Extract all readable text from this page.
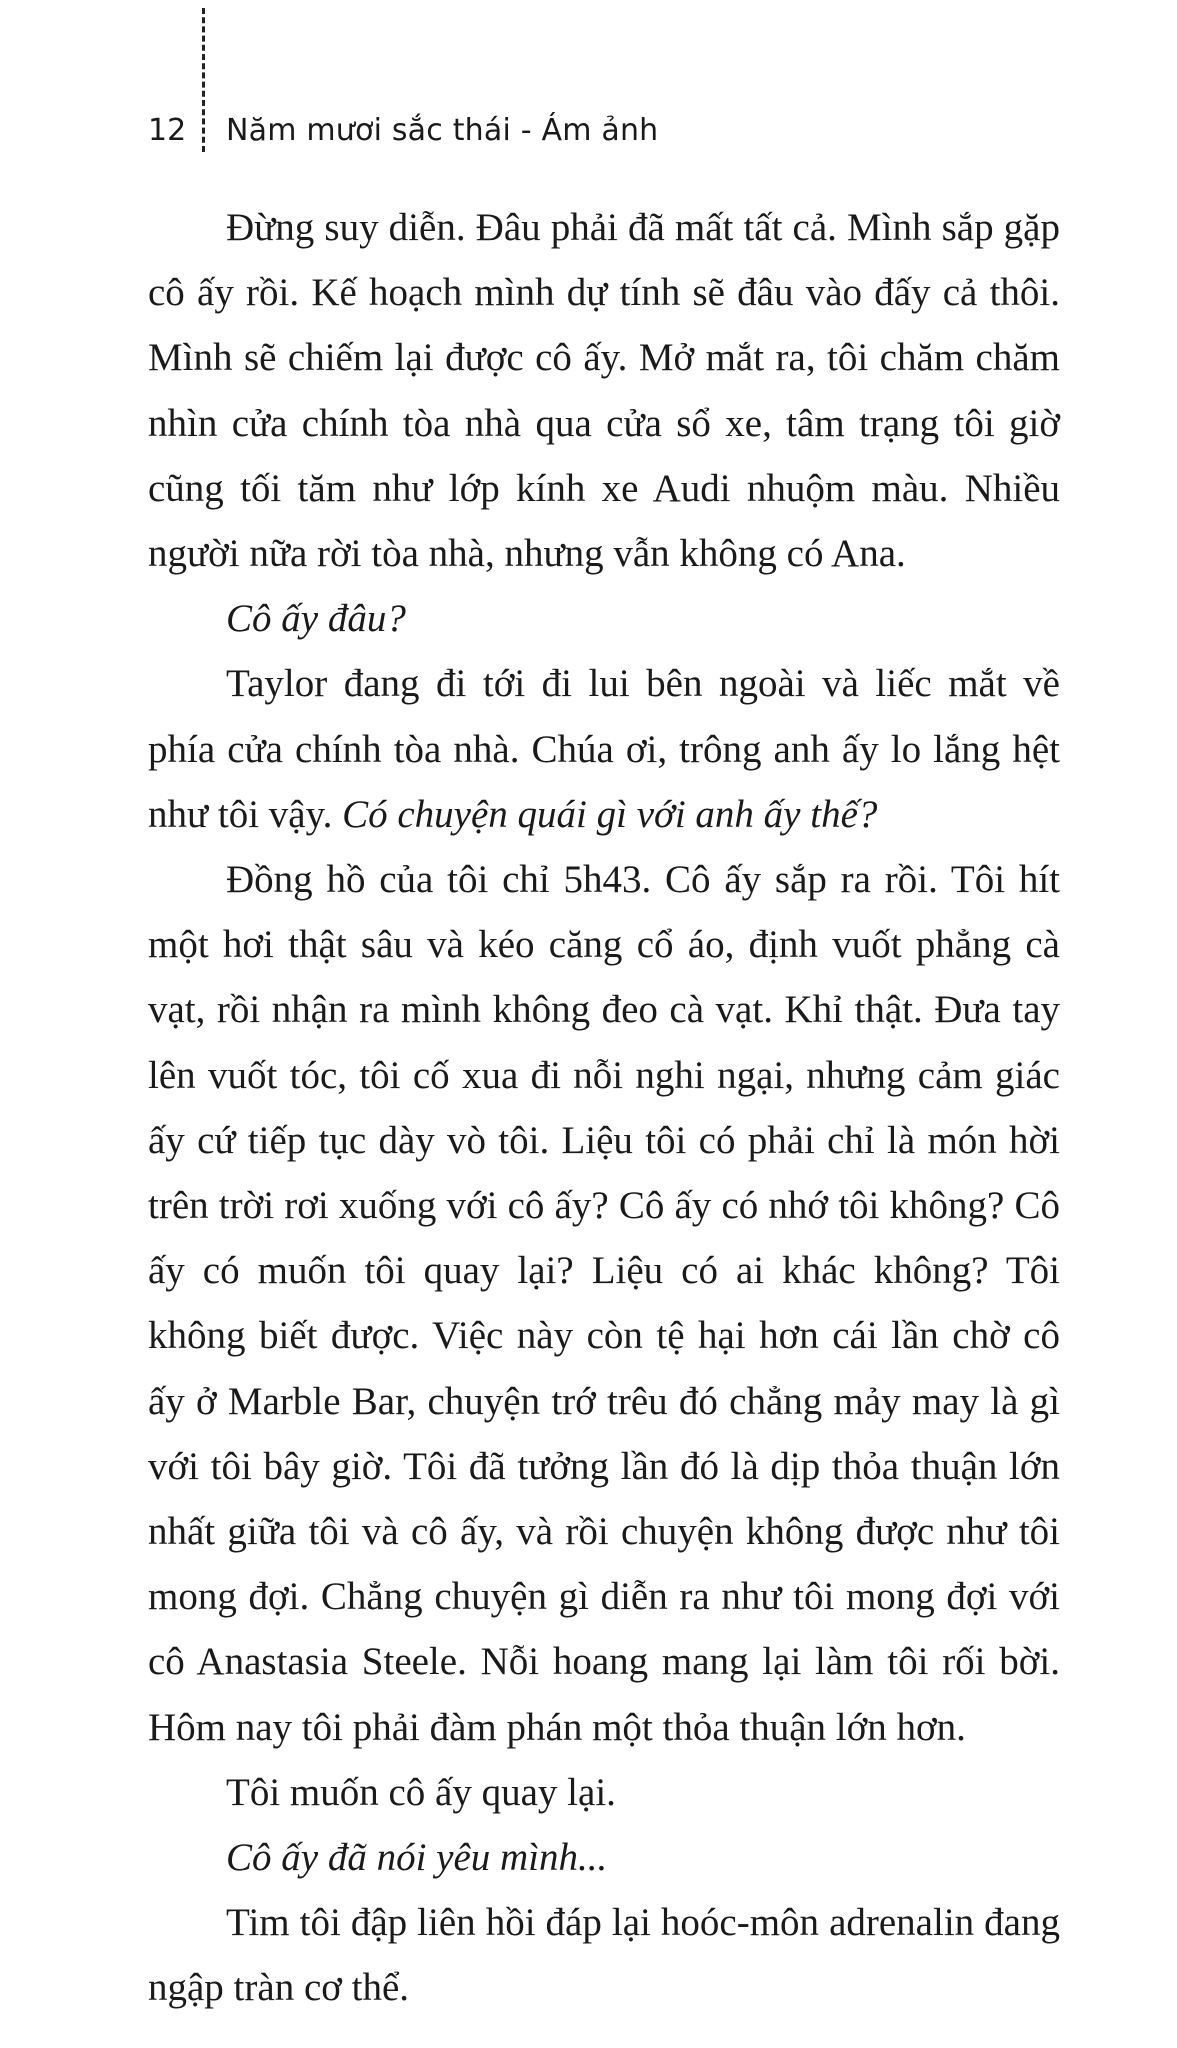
12	Năm mươi sắc thái - Ám ảnh

Đừng suy diễn. Đâu phải đã mất tất cả. Mình sắp gặp cô ấy rồi. Kế hoạch mình dự tính sẽ đâu vào đấy cả thôi. Mình sẽ chiếm lại được cô ấy. Mở mắt ra, tôi chăm chăm nhìn cửa chính tòa nhà qua cửa sổ xe, tâm trạng tôi giờ cũng tối tăm như lớp kính xe Audi nhuộm màu. Nhiều người nữa rời tòa nhà, nhưng vẫn không có Ana.

Cô ấy đâu?

Taylor đang đi tới đi lui bên ngoài và liếc mắt về phía cửa chính tòa nhà. Chúa ơi, trông anh ấy lo lắng hệt như tôi vậy. Có chuyện quái gì với anh ấy thế?

Đồng hồ của tôi chỉ 5h43. Cô ấy sắp ra rồi. Tôi hít một hơi thật sâu và kéo căng cổ áo, định vuốt phẳng cà vạt, rồi nhận ra mình không đeo cà vạt. Khỉ thật. Đưa tay lên vuốt tóc, tôi cố xua đi nỗi nghi ngại, nhưng cảm giác ấy cứ tiếp tục dày vò tôi. Liệu tôi có phải chỉ là món hời trên trời rơi xuống với cô ấy? Cô ấy có nhớ tôi không? Cô ấy có muốn tôi quay lại? Liệu có ai khác không? Tôi không biết được. Việc này còn tệ hại hơn cái lần chờ cô ấy ở Marble Bar, chuyện trớ trêu đó chẳng mảy may là gì với tôi bây giờ. Tôi đã tưởng lần đó là dịp thỏa thuận lớn nhất giữa tôi và cô ấy, và rồi chuyện không được như tôi mong đợi. Chẳng chuyện gì diễn ra như tôi mong đợi với cô Anastasia Steele. Nỗi hoang mang lại làm tôi rối bời. Hôm nay tôi phải đàm phán một thỏa thuận lớn hơn.

Tôi muốn cô ấy quay lại.

Cô ấy đã nói yêu mình...

Tim tôi đập liên hồi đáp lại hoóc-môn adrenalin đang ngập tràn cơ thể.
